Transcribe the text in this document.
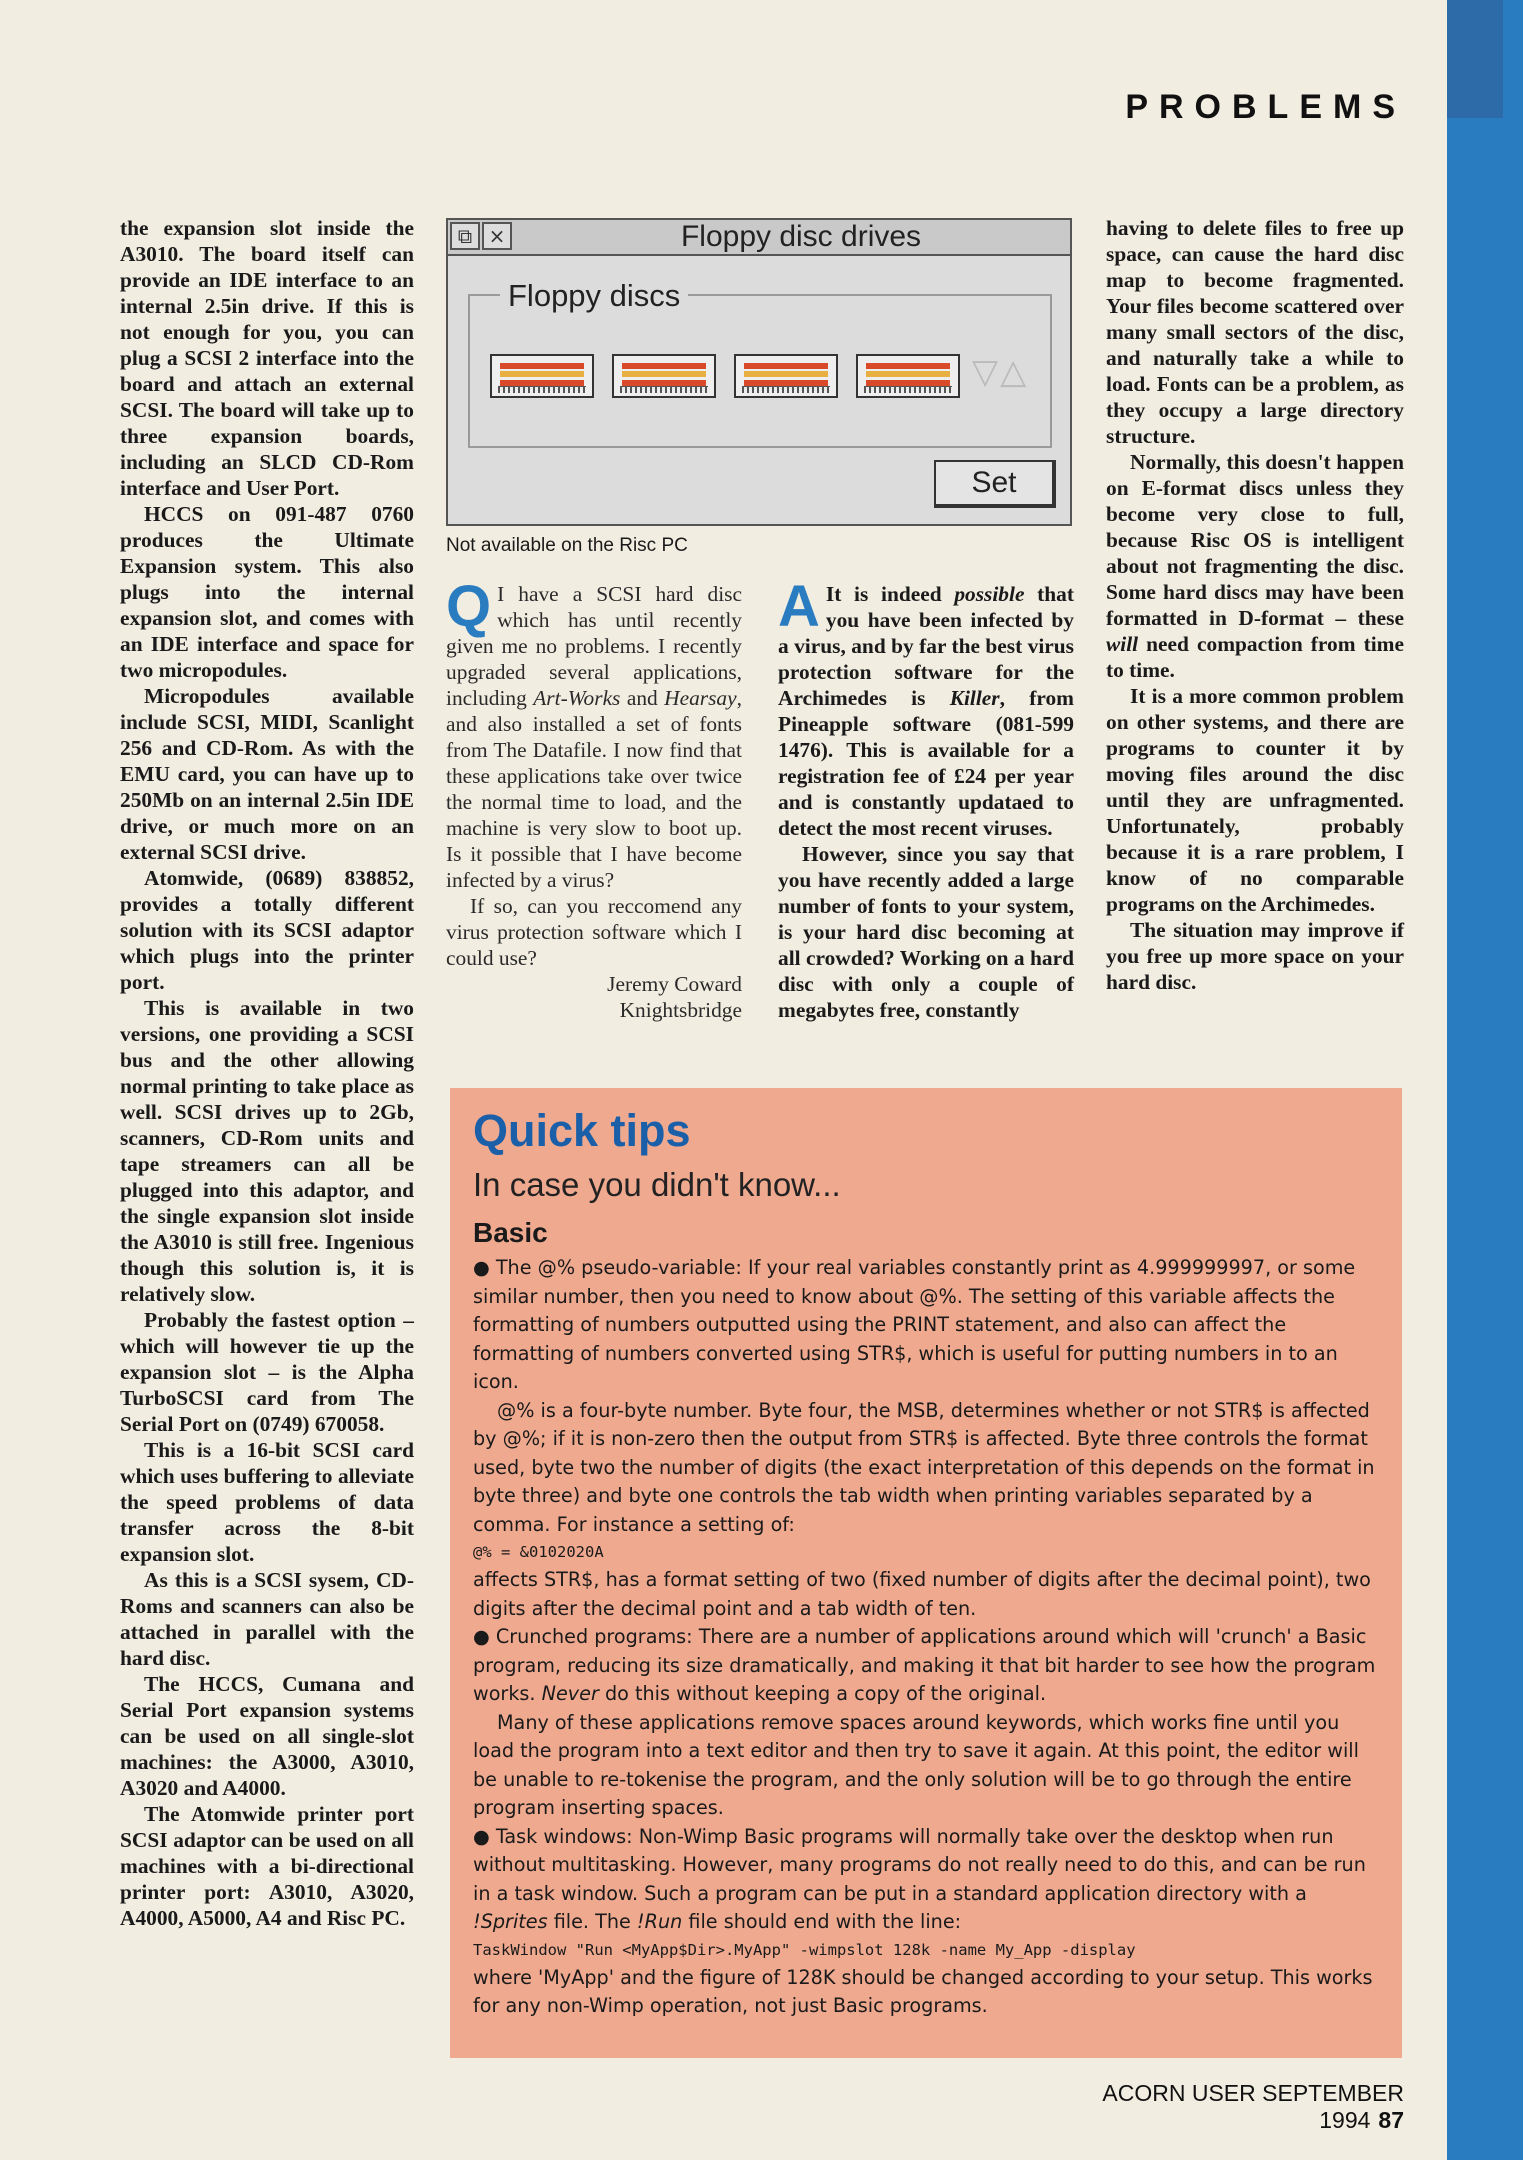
PROBLEMS

the expansion slot inside the A3010. The board itself can provide an IDE interface to an internal 2.5in drive. If this is not enough for you, you can plug a SCSI 2 interface into the board and attach an external SCSI. The board will take up to three expansion boards, including an SLCD CD-Rom interface and User Port.

HCCS on 091-487 0760 produces the Ultimate Expansion system. This also plugs into the internal expansion slot, and comes with an IDE interface and space for two micropodules.

Micropodules available include SCSI, MIDI, Scanlight 256 and CD-Rom. As with the EMU card, you can have up to 250Mb on an internal 2.5in IDE drive, or much more on an external SCSI drive.

Atomwide, (0689) 838852, provides a totally different solution with its SCSI adaptor which plugs into the printer port.

This is available in two versions, one providing a SCSI bus and the other allowing normal printing to take place as well. SCSI drives up to 2Gb, scanners, CD-Rom units and tape streamers can all be plugged into this adaptor, and the single expansion slot inside the A3010 is still free. Ingenious though this solution is, it is relatively slow.

Probably the fastest option – which will however tie up the expansion slot – is the Alpha TurboSCSI card from The Serial Port on (0749) 670058.

This is a 16-bit SCSI card which uses buffering to alleviate the speed problems of data transfer across the 8-bit expansion slot.

As this is a SCSI sysem, CD-Roms and scanners can also be attached in parallel with the hard disc.

The HCCS, Cumana and Serial Port expansion systems can be used on all single-slot machines: the A3000, A3010, A3020 and A4000.

The Atomwide printer port SCSI adaptor can be used on all machines with a bi-directional printer port: A3010, A3020, A4000, A5000, A4 and Risc PC.

⧉ ×	Floppy disc drives
Floppy discs
▽△
Set
Not available on the Risc PC

Q I have a SCSI hard disc which has until recently given me no problems. I recently upgraded several applications, including Art-Works and Hearsay, and also installed a set of fonts from The Datafile. I now find that these applications take over twice the normal time to load, and the machine is very slow to boot up. Is it possible that I have become infected by a virus?

If so, can you reccomend any virus protection software which I could use?

Jeremy Coward

Knightsbridge

A It is indeed possible that you have been infected by a virus, and by far the best virus protection software for the Archimedes is Killer, from Pineapple software (081-599 1476). This is available for a registration fee of £24 per year and is constantly updataed to detect the most recent viruses.

However, since you say that you have recently added a large number of fonts to your system, is your hard disc becoming at all crowded? Working on a hard disc with only a couple of megabytes free, constantly

having to delete files to free up space, can cause the hard disc map to become fragmented. Your files become scattered over many small sectors of the disc, and naturally take a while to load. Fonts can be a problem, as they occupy a large directory structure.

Normally, this doesn't happen on E-format discs unless they become very close to full, because Risc OS is intelligent about not fragmenting the disc. Some hard discs may have been formatted in D-format – these will need compaction from time to time.

It is a more common problem on other systems, and there are programs to counter it by moving files around the disc until they are unfragmented. Unfortunately, probably because it is a rare problem, I know of no comparable programs on the Archimedes.

The situation may improve if you free up more space on your hard disc.

Quick tips
In case you didn't know...
Basic

● The @% pseudo-variable: If your real variables constantly print as 4.999999997, or some similar number, then you need to know about @%. The setting of this variable affects the formatting of numbers outputted using the PRINT statement, and also can affect the formatting of numbers converted using STR$, which is useful for putting numbers in to an icon.

@% is a four-byte number. Byte four, the MSB, determines whether or not STR$ is affected by @%; if it is non-zero then the output from STR$ is affected. Byte three controls the format used, byte two the number of digits (the exact interpretation of this depends on the format in byte three) and byte one controls the tab width when printing variables separated by a comma. For instance a setting of:

@% = &0102020A

affects STR$, has a format setting of two (fixed number of digits after the decimal point), two digits after the decimal point and a tab width of ten.

● Crunched programs: There are a number of applications around which will 'crunch' a Basic program, reducing its size dramatically, and making it that bit harder to see how the program works. Never do this without keeping a copy of the original.

Many of these applications remove spaces around keywords, which works fine until you load the program into a text editor and then try to save it again. At this point, the editor will be unable to re-tokenise the program, and the only solution will be to go through the entire program inserting spaces.

● Task windows: Non-Wimp Basic programs will normally take over the desktop when run without multitasking. However, many programs do not really need to do this, and can be run in a task window. Such a program can be put in a standard application directory with a !Sprites file. The !Run file should end with the line:

TaskWindow "Run <MyApp$Dir>.MyApp" -wimpslot 128k -name My_App -display

where 'MyApp' and the figure of 128K should be changed according to your setup. This works for any non-Wimp operation, not just Basic programs.

ACORN USER SEPTEMBER 1994 87
